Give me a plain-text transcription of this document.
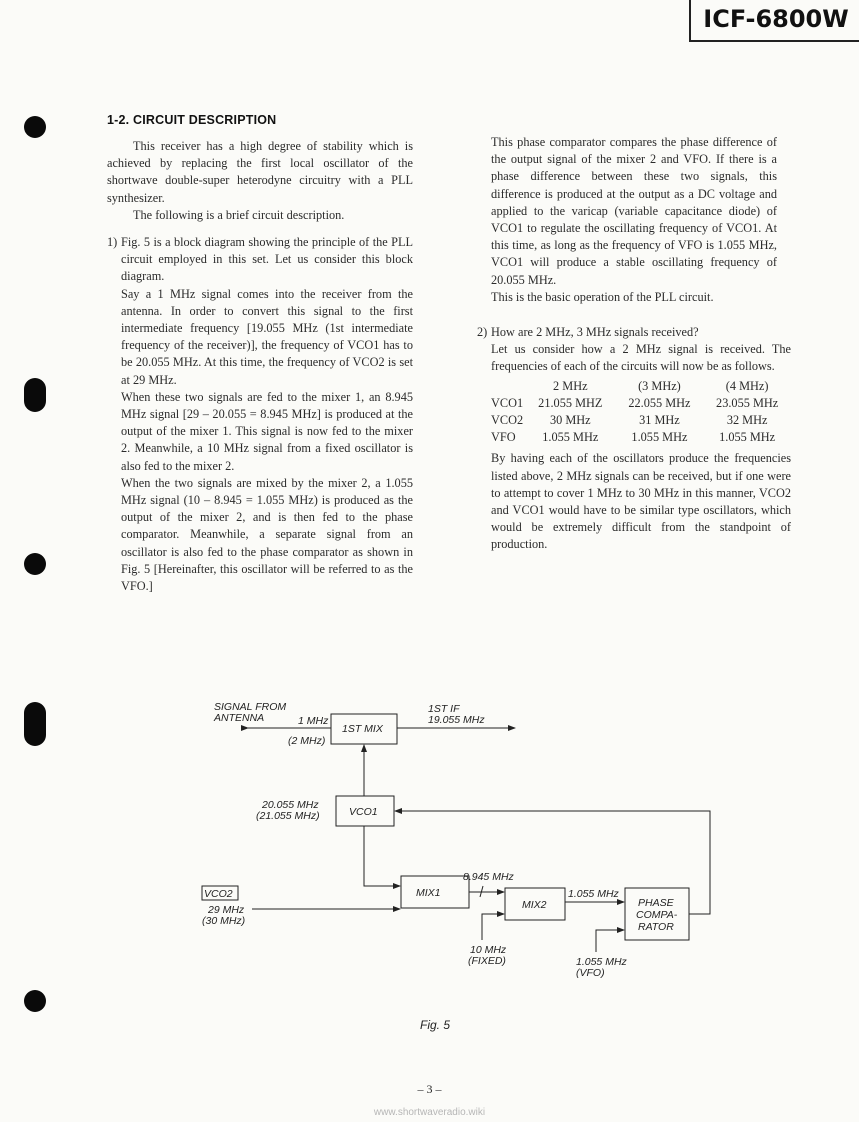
ICF-6800W
1-2. CIRCUIT DESCRIPTION

This receiver has a high degree of stability which is achieved by replacing the first local oscillator of the shortwave double-super heterodyne circuitry with a PLL synthesizer.

The following is a brief circuit description.

1) Fig. 5 is a block diagram showing the principle of the PLL circuit employed in this set. Let us consider this block diagram.

Say a 1 MHz signal comes into the receiver from the antenna. In order to convert this signal to the first intermediate frequency [19.055 MHz (1st intermediate frequency of the receiver)], the frequency of VCO1 has to be 20.055 MHz. At this time, the frequency of VCO2 is set at 29 MHz.

When these two signals are fed to the mixer 1, an 8.945 MHz signal [29 – 20.055 = 8.945 MHz] is produced at the output of the mixer 1. This signal is now fed to the mixer 2. Meanwhile, a 10 MHz signal from a fixed oscillator is also fed to the mixer 2.

When the two signals are mixed by the mixer 2, a 1.055 MHz signal (10 – 8.945 = 1.055 MHz) is produced as the output of the mixer 2, and is then fed to the phase comparator. Meanwhile, a separate signal from an oscillator is also fed to the phase comparator as shown in Fig. 5 [Hereinafter, this oscillator will be referred to as the VFO.]

This phase comparator compares the phase difference of the output signal of the mixer 2 and VFO. If there is a phase difference between these two signals, this difference is produced at the output as a DC voltage and applied to the varicap (variable capacitance diode) of VCO1 to regulate the oscillating frequency of VCO1. At this time, as long as the frequency of VFO is 1.055 MHz, VCO1 will produce a stable oscillating frequency of 20.055 MHz.

This is the basic operation of the PLL circuit.

2) How are 2 MHz, 3 MHz signals received?

Let us consider how a 2 MHz signal is received. The frequencies of each of the circuits will now be as follows.

	2 MHz	(3 MHz)	(4 MHz)
VCO1	21.055 MHZ	22.055 MHz	23.055 MHz
VCO2	30 MHz	31 MHz	32 MHz
VFO	1.055 MHz	1.055 MHz	1.055 MHz

By having each of the oscillators produce the frequencies listed above, 2 MHz signals can be received, but if one were to attempt to cover 1 MHz to 30 MHz in this manner, VCO2 and VCO1 would have to be similar type oscillators, which would be extremely difficult from the standpoint of production.

SIGNAL FROM
ANTENNA	1 MHz
(2 MHz)
1ST MIX
1ST IF
19.055 MHz
VCO1
20.055 MHz
(21.055 MHz)
VCO2
29 MHz
(30 MHz)
MIX1
8.945 MHz
MIX2
1.055 MHz
10 MHz
(FIXED)
PHASE
COMPA-
RATOR
1.055 MHz
(VFO)
Fig. 5
– 3 –
www.shortwaveradio.wiki
